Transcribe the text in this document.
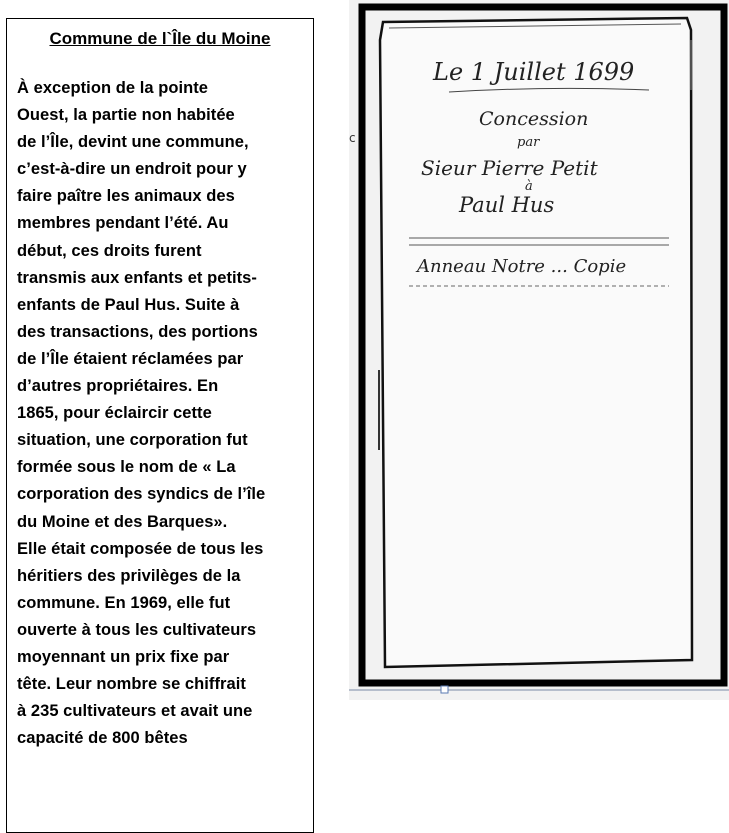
Commune de l`Île du Moine
À exception de la pointe
Ouest, la partie non habitée
de l’Île, devint une commune,
c’est-à-dire un endroit pour y
faire paître les animaux des
membres pendant l’été. Au
début, ces droits furent
transmis aux enfants et petits-
enfants de Paul Hus. Suite à
des transactions, des portions
de l’Île étaient réclamées par
d’autres propriétaires. En
1865, pour éclaircir cette
situation, une corporation fut
formée sous le nom de « La
corporation des syndics de l’île
du Moine et des Barques».
Elle était composée de tous les
héritiers des privilèges de la
commune. En 1969, elle fut
ouverte à tous les cultivateurs
moyennant un prix fixe par
tête. Leur nombre se chiffrait
à 235 cultivateurs et avait une
capacité de 800 bêtes
c
Le 1 Juillet 1699
Concession
par
Sieur Pierre Petit
à
Paul Hus
Anneau Notre ... Copie
